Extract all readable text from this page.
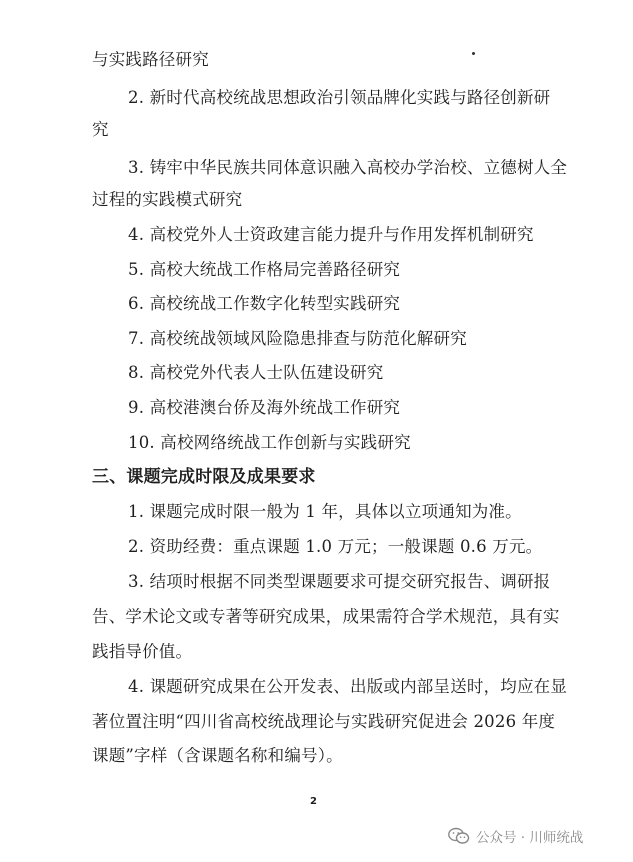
与实践路径研究
2. 新时代高校统战思想政治引领品牌化实践与路径创新研
究
3. 铸牢中华民族共同体意识融入高校办学治校、立德树人全
过程的实践模式研究
4. 高校党外人士资政建言能力提升与作用发挥机制研究
5. 高校大统战工作格局完善路径研究
6. 高校统战工作数字化转型实践研究
7. 高校统战领域风险隐患排查与防范化解研究
8. 高校党外代表人士队伍建设研究
9. 高校港澳台侨及海外统战工作研究
10. 高校网络统战工作创新与实践研究
三、课题完成时限及成果要求
1. 课题完成时限一般为 1 年，具体以立项通知为准。
2. 资助经费：重点课题 1.0 万元；一般课题 0.6 万元。
3. 结项时根据不同类型课题要求可提交研究报告、调研报
告、学术论文或专著等研究成果，成果需符合学术规范，具有实
践指导价值。
4. 课题研究成果在公开发表、出版或内部呈送时，均应在显
著位置注明“四川省高校统战理论与实践研究促进会 2026 年度
课题”字样（含课题名称和编号）。
2
公众号 · 川师统战
